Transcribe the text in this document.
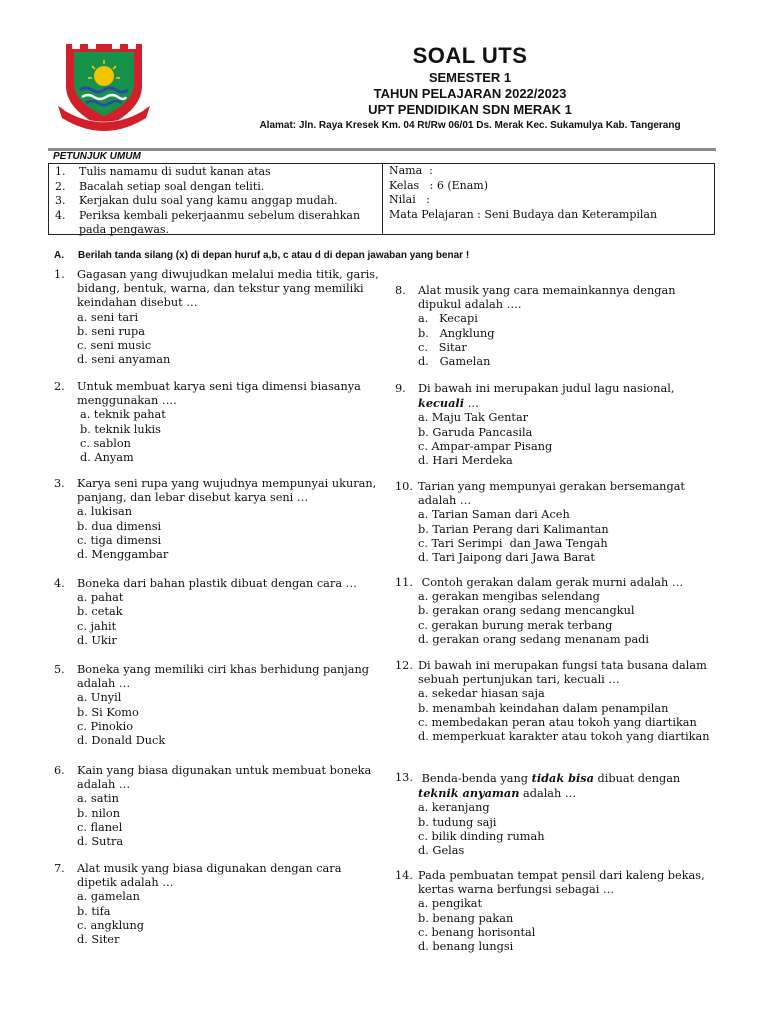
SOAL UTS
SEMESTER 1
TAHUN PELAJARAN 2022/2023
UPT PENDIDIKAN SDN MERAK 1
Alamat: Jln. Raya Kresek Km. 04 Rt/Rw 06/01 Ds. Merak Kec. Sukamulya Kab. Tangerang
PETUNJUK UMUM
1. Tulis namamu di sudut kanan atas
2. Bacalah setiap soal dengan teliti.
3. Kerjakan dulu soal yang kamu anggap mudah.
4. Periksa kembali pekerjaanmu sebelum diserahkan pada pengawas.
Nama  :
Kelas   : 6 (Enam)
Nilai   :
Mata Pelajaran : Seni Budaya dan Keterampilan
A. Berilah tanda silang (x) di depan huruf a,b, c atau d di depan jawaban yang benar !
1. Gagasan yang diwujudkan melalui media titik, garis, bidang, bentuk, warna, dan tekstur yang memiliki keindahan disebut …
a. seni tari
b. seni rupa
c. seni music
d. seni anyaman
2. Untuk membuat karya seni tiga dimensi biasanya menggunakan ….
a. teknik pahat
b. teknik lukis
c. sablon
d. Anyam
3. Karya seni rupa yang wujudnya mempunyai ukuran, panjang, dan lebar disebut karya seni …
a. lukisan
b. dua dimensi
c. tiga dimensi
d. Menggambar
4. Boneka dari bahan plastik dibuat dengan cara …
a. pahat
b. cetak
c. jahit
d. Ukir
5. Boneka yang memiliki ciri khas berhidung panjang adalah …
a. Unyil
b. Si Komo
c. Pinokio
d. Donald Duck
6. Kain yang biasa digunakan untuk membuat boneka adalah …
a. satin
b. nilon
c. flanel
d. Sutra
7. Alat musik yang biasa digunakan dengan cara dipetik adalah …
a. gamelan
b. tifa
c. angklung
d. Siter
8. Alat musik yang cara memainkannya dengan dipukul adalah ….
a.   Kecapi
b.   Angklung
c.   Sitar
d.   Gamelan
9. Di bawah ini merupakan judul lagu nasional,
kecuali …
a. Maju Tak Gentar
b. Garuda Pancasila
c. Ampar-ampar Pisang
d. Hari Merdeka
10. Tarian yang mempunyai gerakan bersemangat adalah …
a. Tarian Saman dari Aceh
b. Tarian Perang dari Kalimantan
c. Tari Serimpi  dan Jawa Tengah
d. Tari Jaipong dari Jawa Barat
11. Contoh gerakan dalam gerak murni adalah …
a. gerakan mengibas selendang
b. gerakan orang sedang mencangkul
c. gerakan burung merak terbang
d. gerakan orang sedang menanam padi
12. Di bawah ini merupakan fungsi tata busana dalam sebuah pertunjukan tari, kecuali …
a. sekedar hiasan saja
b. menambah keindahan dalam penampilan
c. membedakan peran atau tokoh yang diartikan
d. memperkuat karakter atau tokoh yang diartikan
13. Benda-benda yang tidak bisa dibuat dengan teknik anyaman adalah …
a. keranjang
b. tudung saji
c. bilik dinding rumah
d. Gelas
14. Pada pembuatan tempat pensil dari kaleng bekas, kertas warna berfungsi sebagai …
a. pengikat
b. benang pakan
c. benang horisontal
d. benang lungsi
